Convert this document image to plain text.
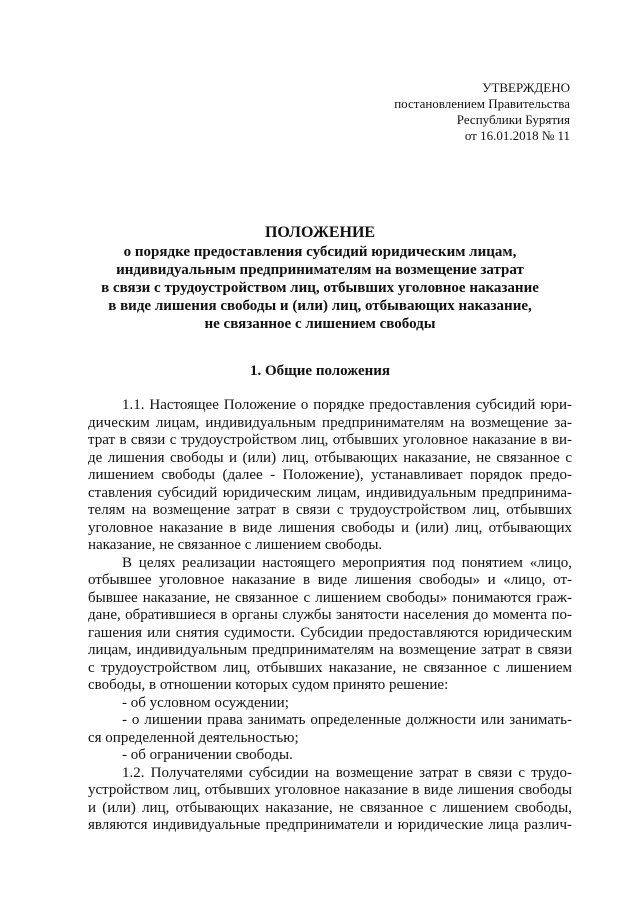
УТВЕРЖДЕНО
постановлением Правительства
Республики Бурятия
от 16.01.2018 № 11
ПОЛОЖЕНИЕ
о порядке предоставления субсидий юридическим лицам,
индивидуальным предпринимателям на возмещение затрат
в связи с трудоустройством лиц, отбывших уголовное наказание
в виде лишения свободы и (или) лиц, отбывающих наказание,
не связанное с лишением свободы
1. Общие положения
1.1. Настоящее Положение о порядке предоставления субсидий юри-
дическим лицам, индивидуальным предпринимателям на возмещение за-
трат в связи с трудоустройством лиц, отбывших уголовное наказание в ви-
де лишения свободы и (или) лиц, отбывающих наказание, не связанное с
лишением свободы (далее - Положение), устанавливает порядок предо-
ставления субсидий юридическим лицам, индивидуальным предпринима-
телям на возмещение затрат в связи с трудоустройством лиц, отбывших
уголовное наказание в виде лишения свободы и (или) лиц, отбывающих
наказание, не связанное с лишением свободы.
В целях реализации настоящего мероприятия под понятием «лицо,
отбывшее уголовное наказание в виде лишения свободы» и «лицо, от-
бывшее наказание, не связанное с лишением свободы» понимаются граж-
дане, обратившиеся в органы службы занятости населения до момента по-
гашения или снятия судимости. Субсидии предоставляются юридическим
лицам, индивидуальным предпринимателям на возмещение затрат в связи
с трудоустройством лиц, отбывших наказание, не связанное с лишением
свободы, в отношении которых судом принято решение:
- об условном осуждении;
- о лишении права занимать определенные должности или занимать-
ся определенной деятельностью;
- об ограничении свободы.
1.2. Получателями субсидии на возмещение затрат в связи с трудо-
устройством лиц, отбывших уголовное наказание в виде лишения свободы
и (или) лиц, отбывающих наказание, не связанное с лишением свободы,
являются индивидуальные предприниматели и юридические лица различ-
